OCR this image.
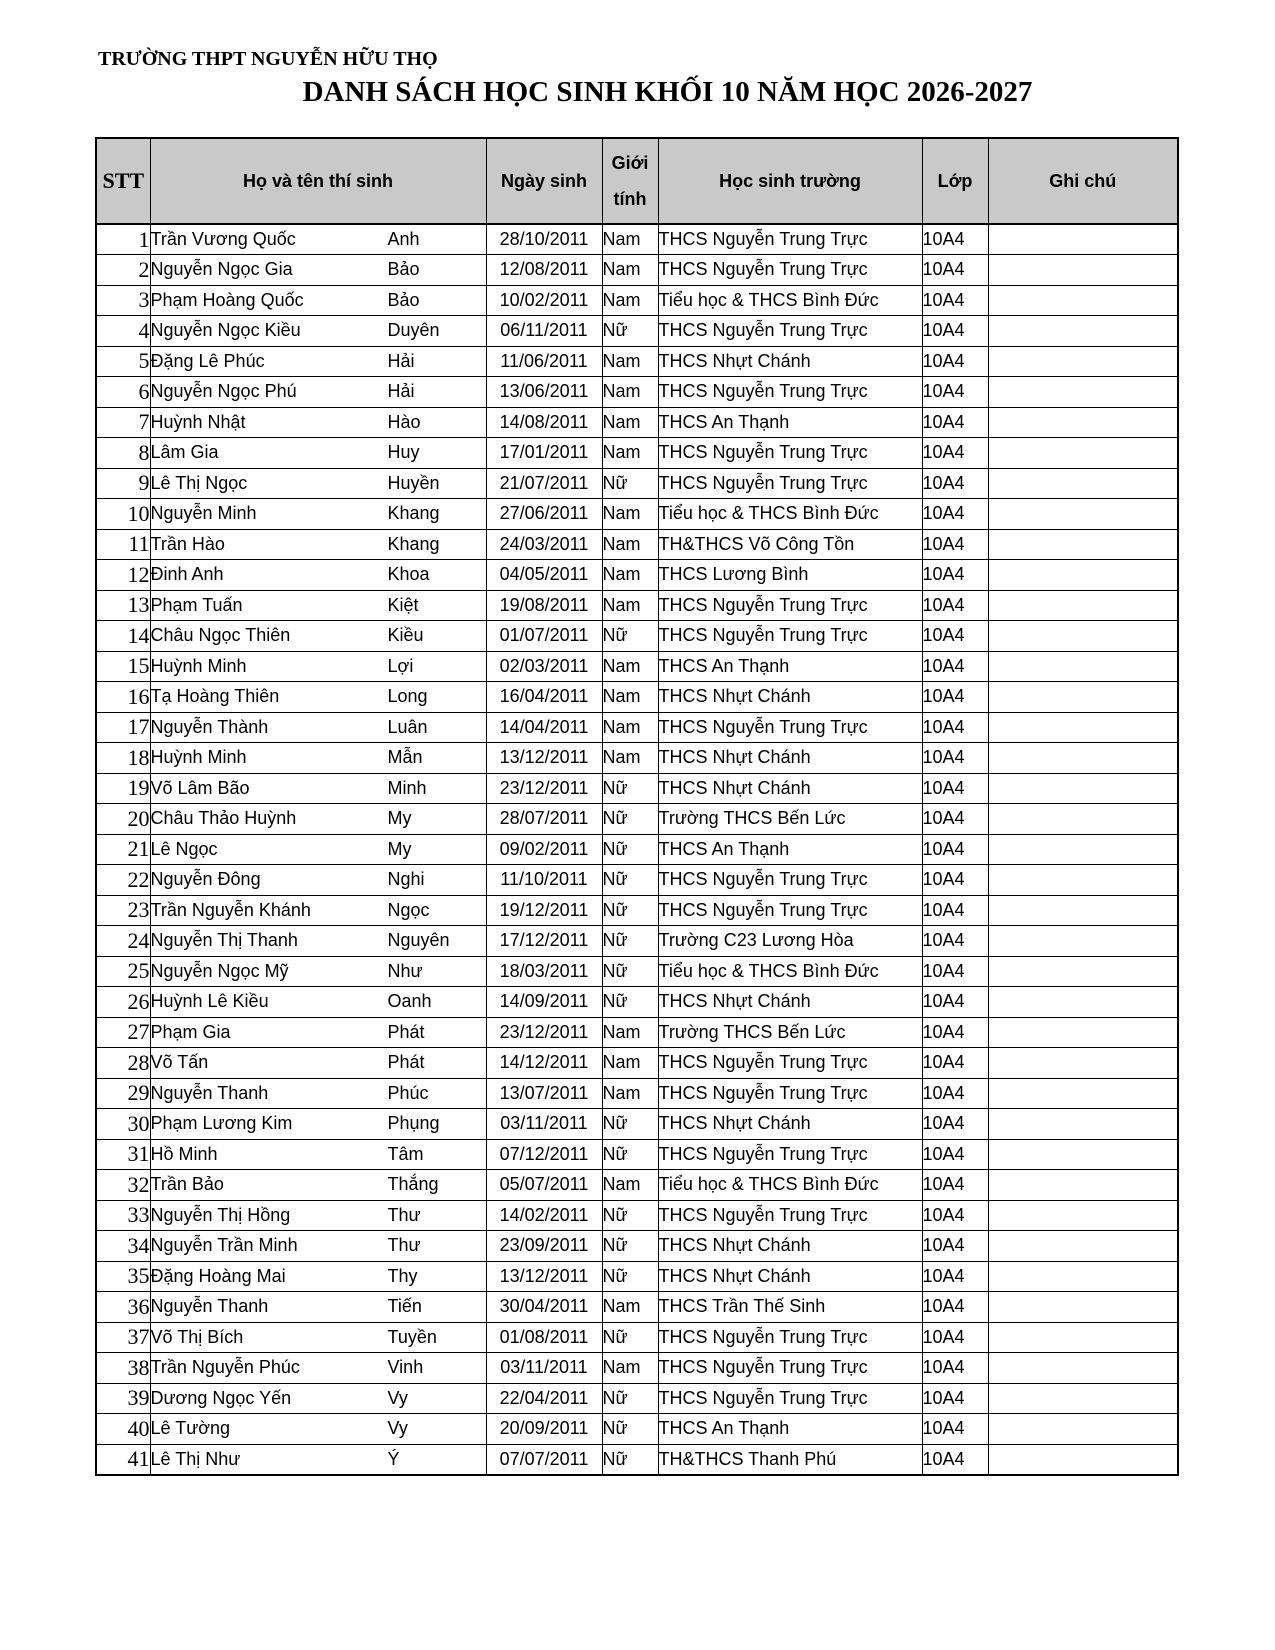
TRƯỜNG THPT NGUYỄN HỮU THỌ
DANH SÁCH HỌC SINH KHỐI 10 NĂM HỌC 2026-2027
STT	Họ và tên thí sinh	Ngày sinh	Giới tính	Học sinh trường	Lớp	Ghi chú
1	Trần Vương Quốc Anh	28/10/2011	Nam	THCS Nguyễn Trung Trực	10A4	
2	Nguyễn Ngọc Gia Bảo	12/08/2011	Nam	THCS Nguyễn Trung Trực	10A4	
3	Phạm Hoàng Quốc Bảo	10/02/2011	Nam	Tiểu học & THCS Bình Đức	10A4	
4	Nguyễn Ngọc Kiều Duyên	06/11/2011	Nữ	THCS Nguyễn Trung Trực	10A4	
5	Đặng Lê Phúc Hải	11/06/2011	Nam	THCS Nhựt Chánh	10A4	
6	Nguyễn Ngọc Phú Hải	13/06/2011	Nam	THCS Nguyễn Trung Trực	10A4	
7	Huỳnh Nhật Hào	14/08/2011	Nam	THCS An Thạnh	10A4	
8	Lâm Gia Huy	17/01/2011	Nam	THCS Nguyễn Trung Trực	10A4	
9	Lê Thị Ngọc Huyền	21/07/2011	Nữ	THCS Nguyễn Trung Trực	10A4	
10	Nguyễn Minh Khang	27/06/2011	Nam	Tiểu học & THCS Bình Đức	10A4	
11	Trần Hào Khang	24/03/2011	Nam	TH&THCS Võ Công Tồn	10A4	
12	Đinh Anh Khoa	04/05/2011	Nam	THCS Lương Bình	10A4	
13	Phạm Tuấn Kiệt	19/08/2011	Nam	THCS Nguyễn Trung Trực	10A4	
14	Châu Ngọc Thiên Kiều	01/07/2011	Nữ	THCS Nguyễn Trung Trực	10A4	
15	Huỳnh Minh Lợi	02/03/2011	Nam	THCS An Thạnh	10A4	
16	Tạ Hoàng Thiên Long	16/04/2011	Nam	THCS Nhựt Chánh	10A4	
17	Nguyễn Thành Luân	14/04/2011	Nam	THCS Nguyễn Trung Trực	10A4	
18	Huỳnh Minh Mẫn	13/12/2011	Nam	THCS Nhựt Chánh	10A4	
19	Võ Lâm Bão Minh	23/12/2011	Nữ	THCS Nhựt Chánh	10A4	
20	Châu Thảo Huỳnh My	28/07/2011	Nữ	Trường THCS Bến Lức	10A4	
21	Lê Ngọc My	09/02/2011	Nữ	THCS An Thạnh	10A4	
22	Nguyễn Đông Nghi	11/10/2011	Nữ	THCS Nguyễn Trung Trực	10A4	
23	Trần Nguyễn Khánh Ngọc	19/12/2011	Nữ	THCS Nguyễn Trung Trực	10A4	
24	Nguyễn Thị Thanh Nguyên	17/12/2011	Nữ	Trường C23 Lương Hòa	10A4	
25	Nguyễn Ngọc Mỹ Như	18/03/2011	Nữ	Tiểu học & THCS Bình Đức	10A4	
26	Huỳnh Lê Kiều Oanh	14/09/2011	Nữ	THCS Nhựt Chánh	10A4	
27	Phạm Gia Phát	23/12/2011	Nam	Trường THCS Bến Lức	10A4	
28	Võ Tấn Phát	14/12/2011	Nam	THCS Nguyễn Trung Trực	10A4	
29	Nguyễn Thanh Phúc	13/07/2011	Nam	THCS Nguyễn Trung Trực	10A4	
30	Phạm Lương Kim Phụng	03/11/2011	Nữ	THCS Nhựt Chánh	10A4	
31	Hồ Minh Tâm	07/12/2011	Nữ	THCS Nguyễn Trung Trực	10A4	
32	Trần Bảo Thắng	05/07/2011	Nam	Tiểu học & THCS Bình Đức	10A4	
33	Nguyễn Thị Hồng Thư	14/02/2011	Nữ	THCS Nguyễn Trung Trực	10A4	
34	Nguyễn Trần Minh Thư	23/09/2011	Nữ	THCS Nhựt Chánh	10A4	
35	Đặng Hoàng Mai Thy	13/12/2011	Nữ	THCS Nhựt Chánh	10A4	
36	Nguyễn Thanh Tiến	30/04/2011	Nam	THCS Trần Thế Sinh	10A4	
37	Võ Thị Bích Tuyền	01/08/2011	Nữ	THCS Nguyễn Trung Trực	10A4	
38	Trần Nguyễn Phúc Vinh	03/11/2011	Nam	THCS Nguyễn Trung Trực	10A4	
39	Dương Ngọc Yến Vy	22/04/2011	Nữ	THCS Nguyễn Trung Trực	10A4	
40	Lê Tường Vy	20/09/2011	Nữ	THCS An Thạnh	10A4	
41	Lê Thị Như Ý	07/07/2011	Nữ	TH&THCS Thanh Phú	10A4	
